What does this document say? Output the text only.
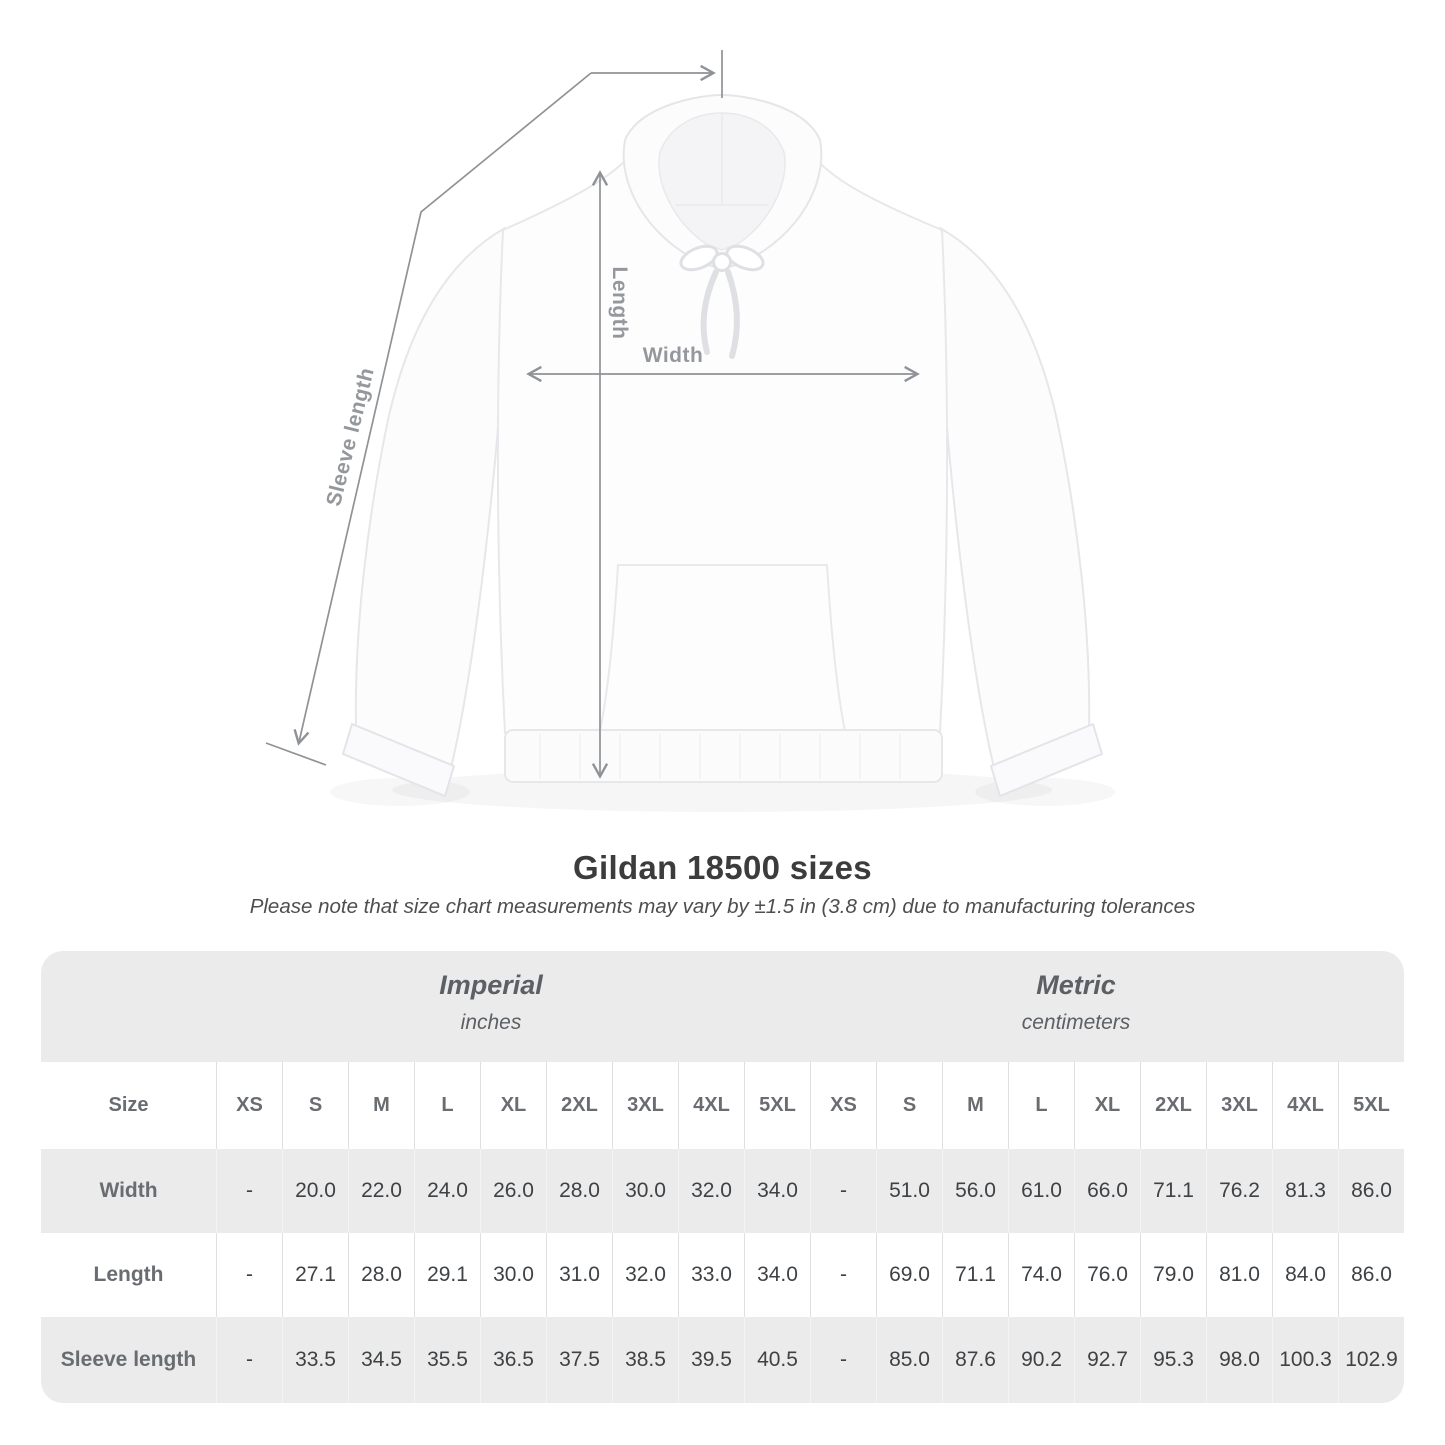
Width
Length
Sleeve length
Gildan 18500 sizes
Please note that size chart measurements may vary by ±1.5 in (3.8 cm) due to manufacturing tolerances
Imperial
inches
Metric
centimeters
Size	XS	S	M	L	XL	2XL	3XL	4XL	5XL	XS	S	M	L	XL	2XL	3XL	4XL	5XL
Width	-	20.0	22.0	24.0	26.0	28.0	30.0	32.0	34.0	-	51.0	56.0	61.0	66.0	71.1	76.2	81.3	86.0
Length	-	27.1	28.0	29.1	30.0	31.0	32.0	33.0	34.0	-	69.0	71.1	74.0	76.0	79.0	81.0	84.0	86.0
Sleeve length	-	33.5	34.5	35.5	36.5	37.5	38.5	39.5	40.5	-	85.0	87.6	90.2	92.7	95.3	98.0 100.3 102.9
